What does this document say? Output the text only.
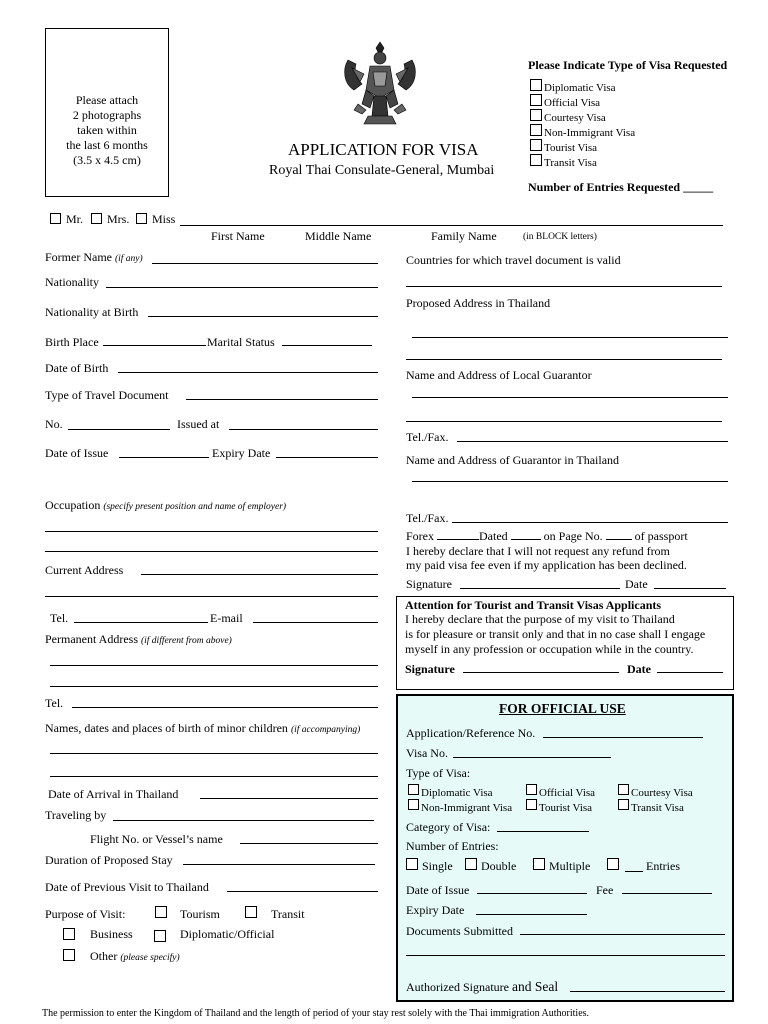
Please attach
2 photographs
taken within
the last 6 months
(3.5 x 4.5 cm)
APPLICATION FOR VISA
Royal Thai Consulate-General, Mumbai
Please Indicate Type of Visa Requested
Diplomatic Visa
Official Visa
Courtesy Visa
Non-Immigrant Visa
Tourist Visa
Transit Visa
Number of Entries Requested _____
Mr. Mrs. Miss
First Name	Middle Name	Family Name	(in BLOCK letters)
Former Name (if any)
Nationality
Nationality at Birth
Birth Place	Marital Status
Date of Birth
Type of Travel Document
No.	Issued at
Date of Issue	Expiry Date
Occupation (specify present position and name of employer)
Current Address
Tel.	E-mail
Permanent Address (if different from above)
Tel.
Names, dates and places of birth of minor children (if accompanying)
Date of Arrival in Thailand
Traveling by
Flight No. or Vessel’s name
Duration of Proposed Stay
Date of Previous Visit to Thailand
Purpose of Visit:	Tourism	Transit
Business	Diplomatic/Official
Other (please specify)
Countries for which travel document is valid
Proposed Address in Thailand
Name and Address of Local Guarantor
Tel./Fax.
Name and Address of Guarantor in Thailand
Tel./Fax.
Forex	Dated	on Page No.	of passport
I hereby declare that I will not request any refund from
my paid visa fee even if my application has been declined.
Signature	Date
Attention for Tourist and Transit Visas Applicants
I hereby declare that the purpose of my visit to Thailand
is for pleasure or transit only and that in no case shall I engage
myself in any profession or occupation while in the country.
Signature	Date
FOR OFFICIAL USE
Application/Reference No.
Visa No.
Type of Visa:
Diplomatic Visa	Official Visa	Courtesy Visa
Non-Immigrant Visa Tourist Visa	Transit Visa
Category of Visa:
Number of Entries:
Single Double	Multiple	Entries
Date of Issue	Fee
Expiry Date
Documents Submitted
Authorized Signature and Seal
The permission to enter the Kingdom of Thailand and the length of period of your stay rest solely with the Thai immigration Authorities.
